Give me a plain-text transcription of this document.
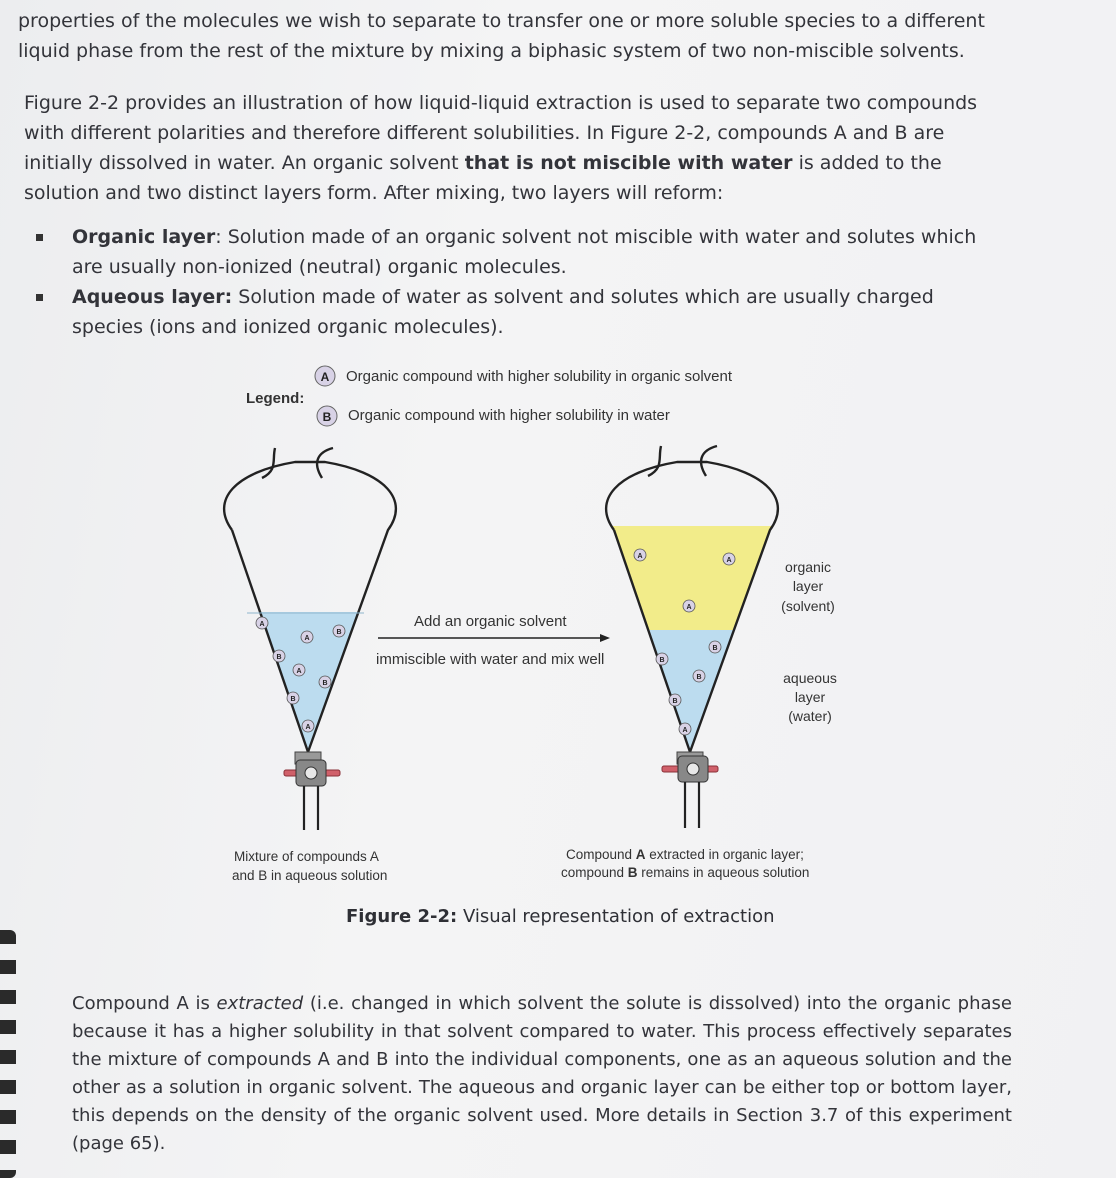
properties of the molecules we wish to separate to transfer one or more soluble species to a different liquid phase from the rest of the mixture by mixing a biphasic system of two non-miscible solvents.

Figure 2-2 provides an illustration of how liquid-liquid extraction is used to separate two compounds with different polarities and therefore different solubilities. In Figure 2-2, compounds A and B are initially dissolved in water. An organic solvent that is not miscible with water is added to the solution and two distinct layers form. After mixing, two layers will reform:

Organic layer: Solution made of an organic solvent not miscible with water and solutes which are usually non-ionized (neutral) organic molecules.
Aqueous layer: Solution made of water as solvent and solutes which are usually charged species (ions and ionized organic molecules).
Legend:
A
B
Organic compound with higher solubility in organic solvent
Organic compound with higher solubility in water
A
A
B
B
A
B
B
A
Add an organic solvent
immiscible with water and mix well
A
A
A
B
B
B
B
A
organic
layer
(solvent)
aqueous
layer
(water)
Mixture of compounds A
and B in aqueous solution
Compound A extracted in organic layer;
compound B remains in aqueous solution
Figure 2-2: Visual representation of extraction

Compound A is extracted (i.e. changed in which solvent the solute is dissolved) into the organic phase because it has a higher solubility in that solvent compared to water. This process effectively separates the mixture of compounds A and B into the individual components, one as an aqueous solution and the other as a solution in organic solvent. The aqueous and organic layer can be either top or bottom layer, this depends on the density of the organic solvent used. More details in Section 3.7 of this experiment (page 65).
